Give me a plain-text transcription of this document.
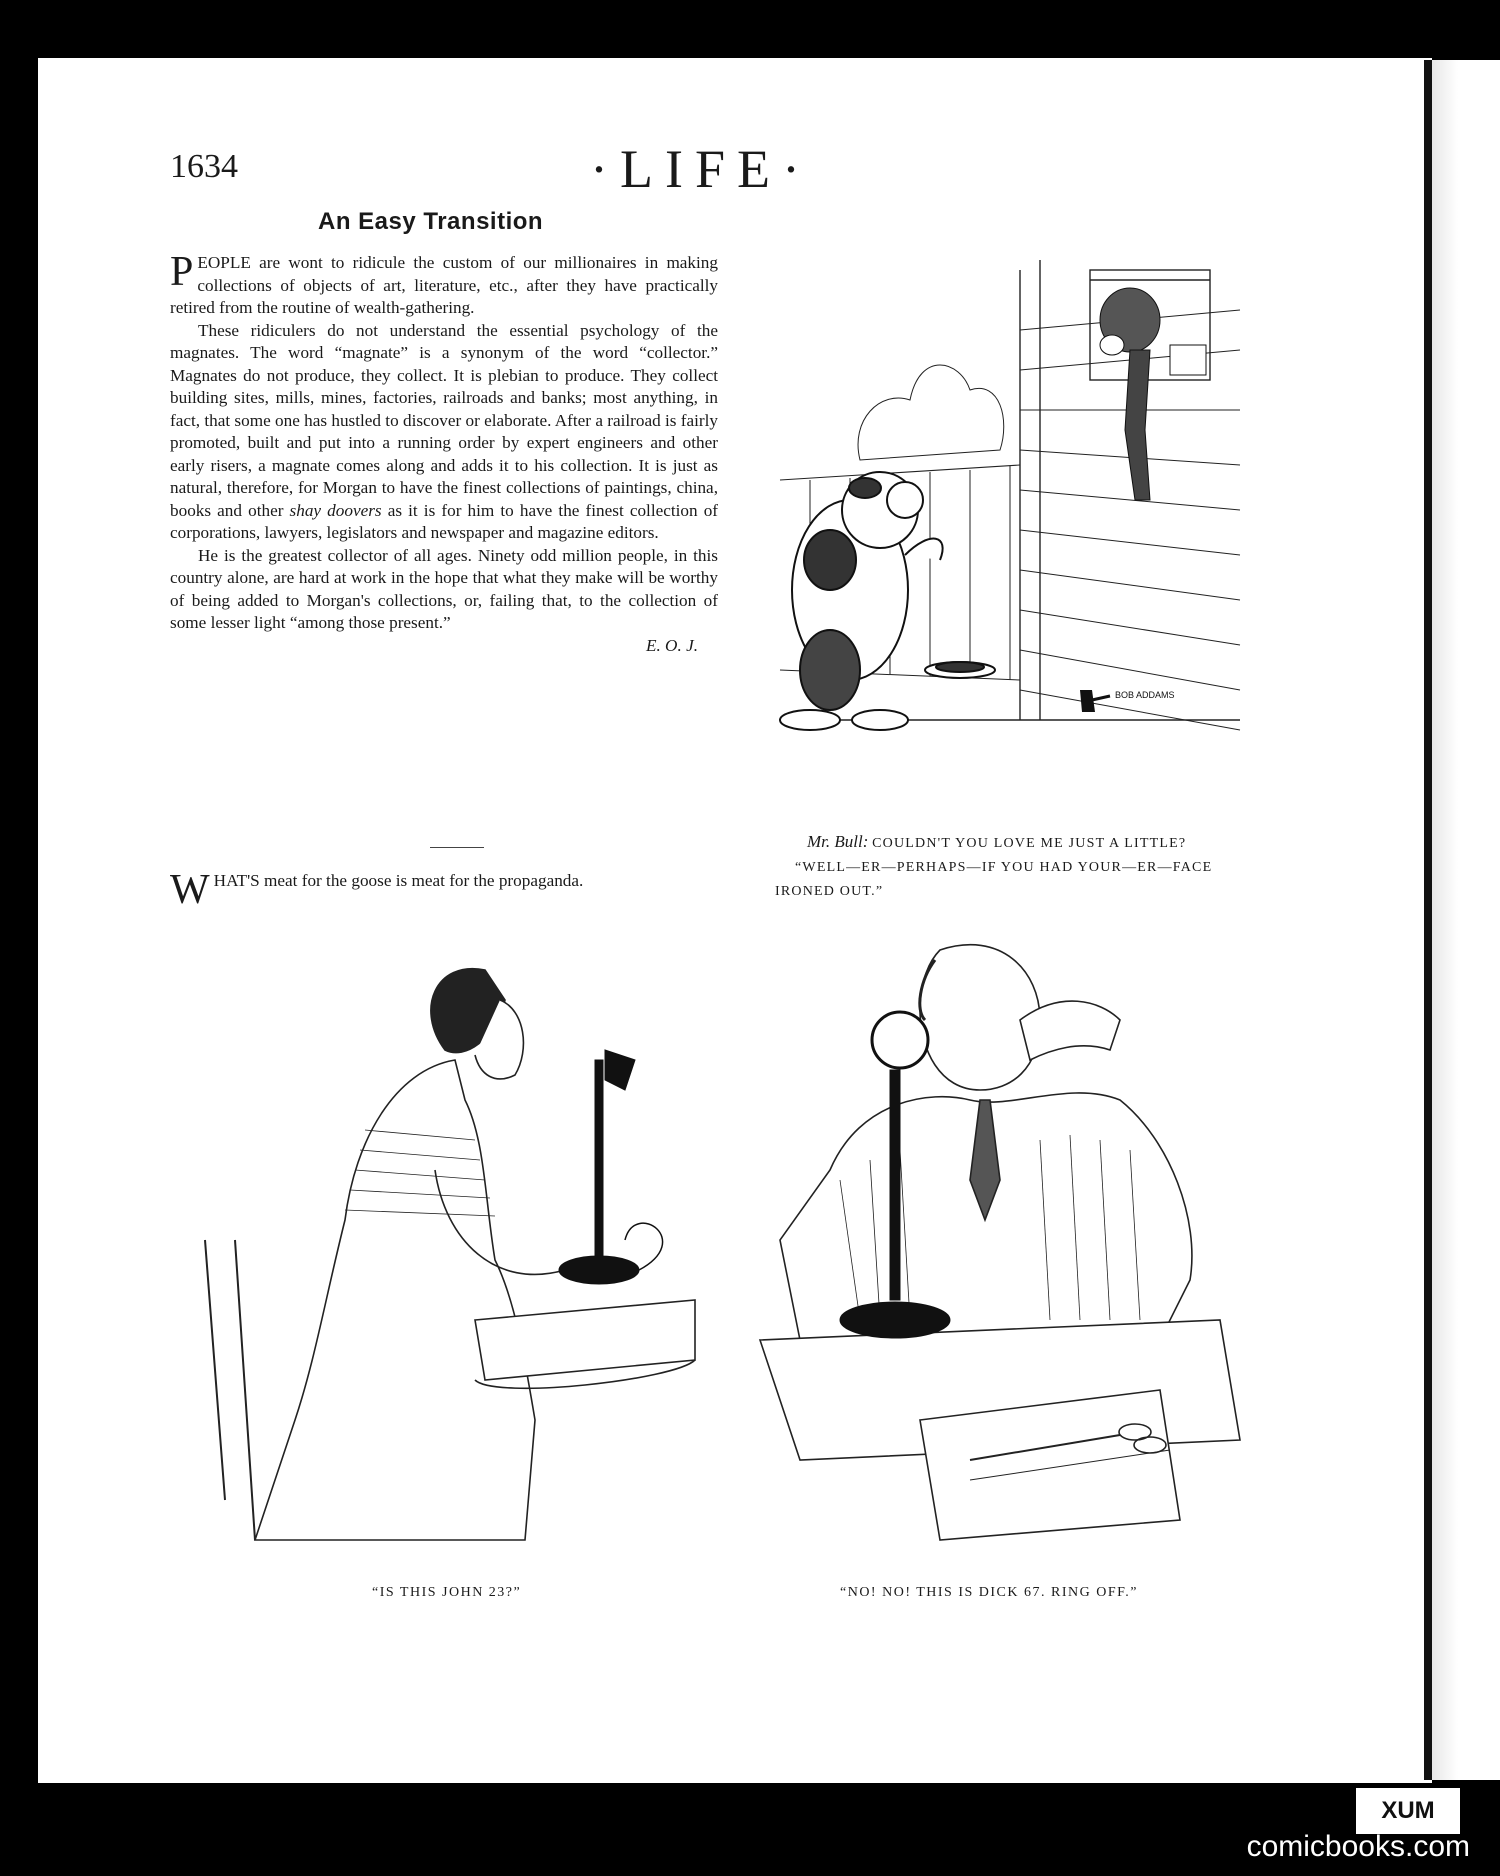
1634	·LIFE·
An Easy Transition

PEOPLE are wont to ridicule the custom of our millionaires in making collections of objects of art, literature, etc., after they have practically retired from the routine of wealth-gathering.

These ridiculers do not understand the essential psychology of the magnates. The word “magnate” is a synonym of the word “collector.” Magnates do not produce, they collect. It is plebian to produce. They collect building sites, mills, mines, factories, railroads and banks; most anything, in fact, that some one has hustled to discover or elaborate. After a railroad is fairly promoted, built and put into a running order by expert engineers and other early risers, a magnate comes along and adds it to his collection. It is just as natural, therefore, for Morgan to have the finest collections of paintings, china, books and other shay doovers as it is for him to have the finest collection of corporations, lawyers, legislators and newspaper and magazine editors.

He is the greatest collector of all ages. Ninety odd million people, in this country alone, are hard at work in the hope that what they make will be worthy of being added to Morgan's collections, or, failing that, to the collection of some lesser light “among those present.”

E. O. J.
WHAT'S meat for the goose is meat for the propaganda.
BOB ADDAMS
Mr. Bull: COULDN'T YOU LOVE ME JUST A LITTLE?
“WELL—ER—PERHAPS—IF YOU HAD YOUR—ER—FACE IRONED OUT.”
“IS THIS JOHN 23?”	“NO! NO! THIS IS DICK 67. RING OFF.”
XUM
comicbooks.com
